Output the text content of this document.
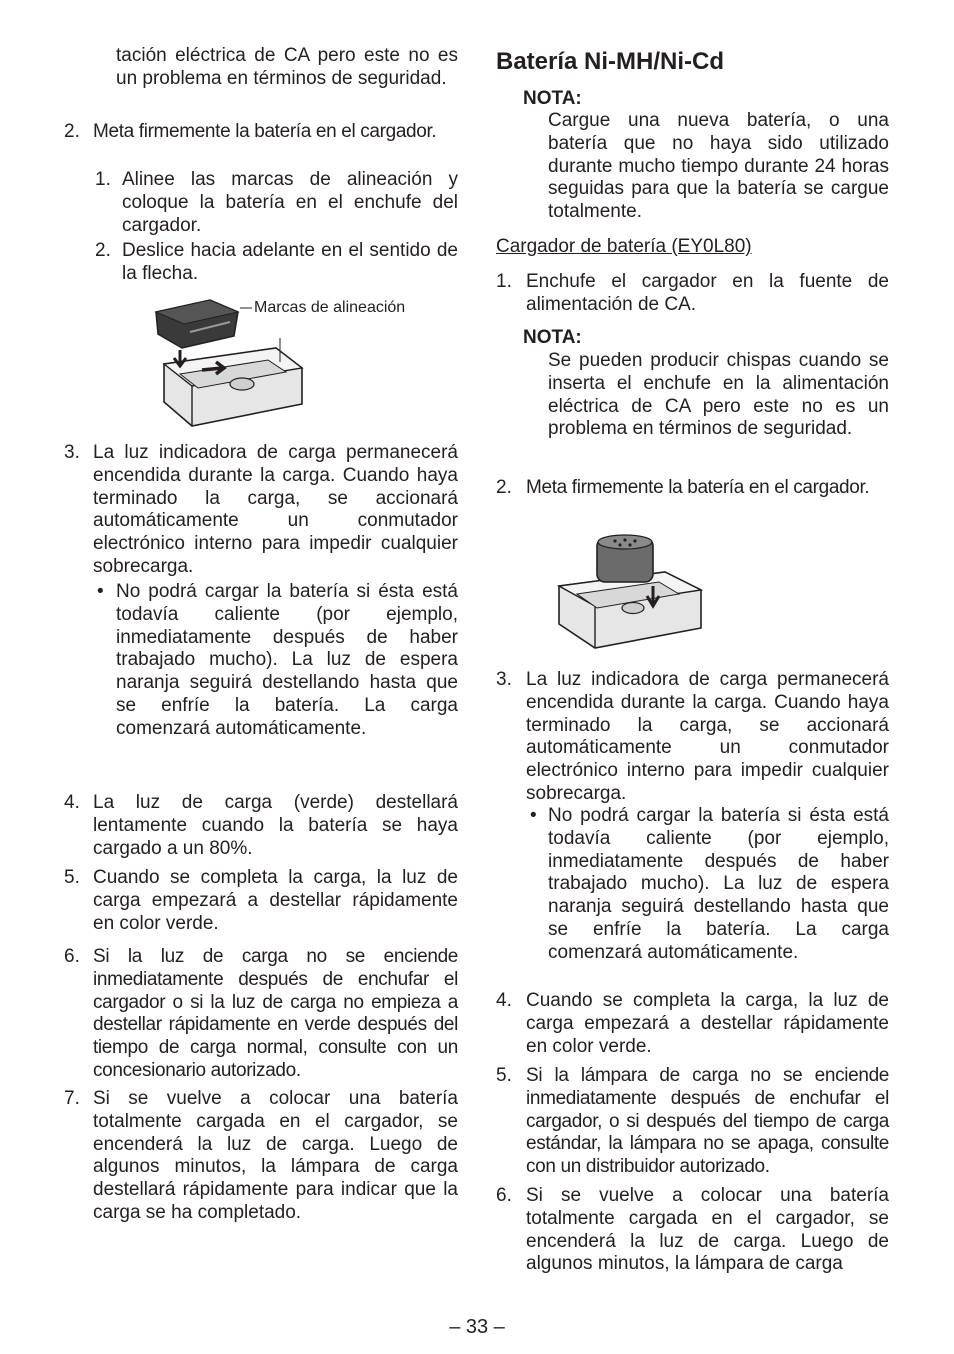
tación eléctrica de CA pero este no es un problema en términos de seguridad.

2. Meta firmemente la batería en el cargador.

1. Alinee las marcas de alineación y coloque la batería en el enchufe del cargador.

2. Deslice hacia adelante en el sentido de la flecha.

Marcas de alineación
3. La luz indicadora de carga permanecerá encendida durante la carga. Cuando haya terminado la carga, se accionará automáticamente un conmutador electrónico interno para impedir cualquier sobrecarga.

• No podrá cargar la batería si ésta está todavía caliente (por ejemplo, inmediatamente después de haber trabajado mucho). La luz de espera naranja seguirá destellando hasta que se enfríe la batería. La carga comenzará automáticamente.

4. La luz de carga (verde) destellará lentamente cuando la batería se haya cargado a un 80%.

5. Cuando se completa la carga, la luz de carga empezará a destellar rápidamente en color verde.

6. Si la luz de carga no se enciende inmediatamente después de enchufar el cargador o si la luz de carga no empieza a destellar rápidamente en verde después del tiempo de carga normal, consulte con un concesionario autorizado.

7. Si se vuelve a colocar una batería totalmente cargada en el cargador, se encenderá la luz de carga. Luego de algunos minutos, la lámpara de carga destellará rápidamente para indicar que la carga se ha completado.

Batería Ni-MH/Ni-Cd
NOTA:

Cargue una nueva batería, o una batería que no haya sido utilizado durante mucho tiempo durante 24 horas seguidas para que la batería se cargue totalmente.

Cargador de batería (EY0L80)
1. Enchufe el cargador en la fuente de alimentación de CA.

NOTA:

Se pueden producir chispas cuando se inserta el enchufe en la alimentación eléctrica de CA pero este no es un problema en términos de seguridad.

2. Meta firmemente la batería en el cargador.

3. La luz indicadora de carga permanecerá encendida durante la carga. Cuando haya terminado la carga, se accionará automáticamente un conmutador electrónico interno para impedir cualquier sobrecarga.

• No podrá cargar la batería si ésta está todavía caliente (por ejemplo, inmediatamente después de haber trabajado mucho). La luz de espera naranja seguirá destellando hasta que se enfríe la batería. La carga comenzará automáticamente.

4. Cuando se completa la carga, la luz de carga empezará a destellar rápidamente en color verde.

5. Si la lámpara de carga no se enciende inmediatamente después de enchufar el cargador, o si después del tiempo de carga estándar, la lámpara no se apaga, consulte con un distribuidor autorizado.

6. Si se vuelve a colocar una batería totalmente cargada en el cargador, se encenderá la luz de carga. Luego de algunos minutos, la lámpara de carga

– 33 –
